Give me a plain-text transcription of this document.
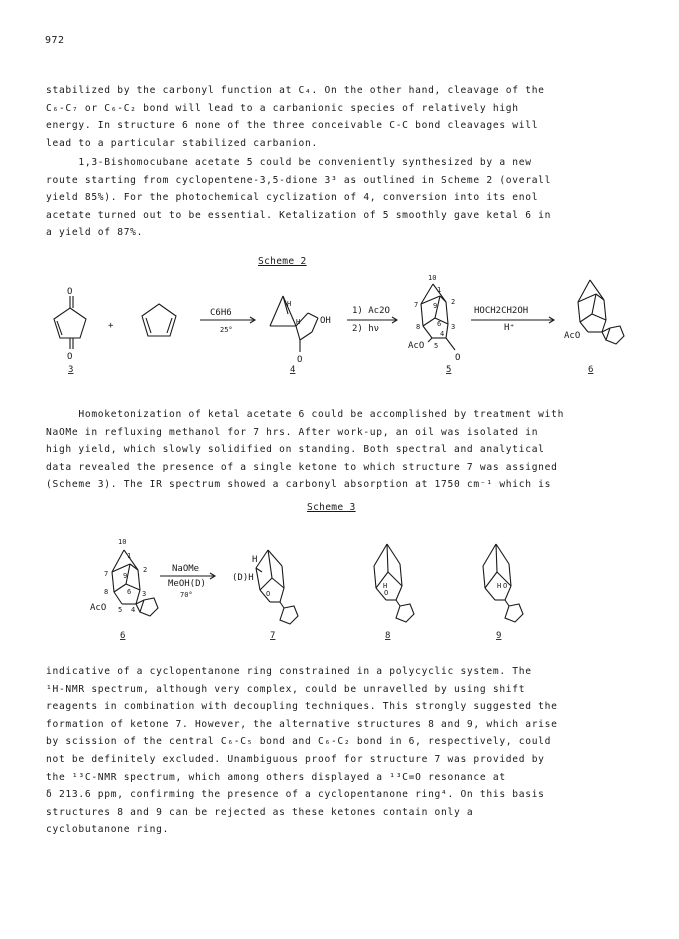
972
stabilized by the carbonyl function at C₄. On the other hand, cleavage of the
C₆-C₇ or C₆-C₂ bond will lead to a carbanionic species of relatively high
energy. In structure 6 none of the three conceivable C-C bond cleavages will
lead to a particular stabilized carbanion.
1,3-Bishomocubane acetate 5 could be conveniently synthesized by a new
route starting from cyclopentene-3,5-dione 3³ as outlined in Scheme 2 (overall
yield 85%). For the photochemical cyclization of 4, conversion into its enol
acetate turned out to be essential. Ketalization of 5 smoothly gave ketal 6 in
a yield of 87%.
Scheme 2
O
O
+
C6H6
25°
H
H OH
O
1) Ac2O
2) hν
10
1
2
7 9
8 6 3
4
5
AcO
O
HOCH2CH2OH
H⁺
AcO
3	4	5	6
Homoketonization of ketal acetate 6 could be accomplished by treatment with
NaOMe in refluxing methanol for 7 hrs. After work-up, an oil was isolated in
high yield, which slowly solidified on standing. Both spectral and analytical
data revealed the presence of a single ketone to which structure 7 was assigned
(Scheme 3). The IR spectrum showed a carbonyl absorption at 1750 cm⁻¹ which is
Scheme 3
10
1
2
7 9
8	6 3
5 4
AcO
NaOMe
MeOH(D)
70°
(D)H
H
O
H
O
H O
6	7	8	9
indicative of a cyclopentanone ring constrained in a polycyclic system. The
¹H-NMR spectrum, although very complex, could be unravelled by using shift
reagents in combination with decoupling techniques. This strongly suggested the
formation of ketone 7. However, the alternative structures 8 and 9, which arise
by scission of the central C₆-C₅ bond and C₆-C₂ bond in 6, respectively, could
not be definitely excluded. Unambiguous proof for structure 7 was provided by
the ¹³C-NMR spectrum, which among others displayed a ¹³C=O resonance at
δ 213.6 ppm, confirming the presence of a cyclopentanone ring⁴. On this basis
structures 8 and 9 can be rejected as these ketones contain only a
cyclobutanone ring.
